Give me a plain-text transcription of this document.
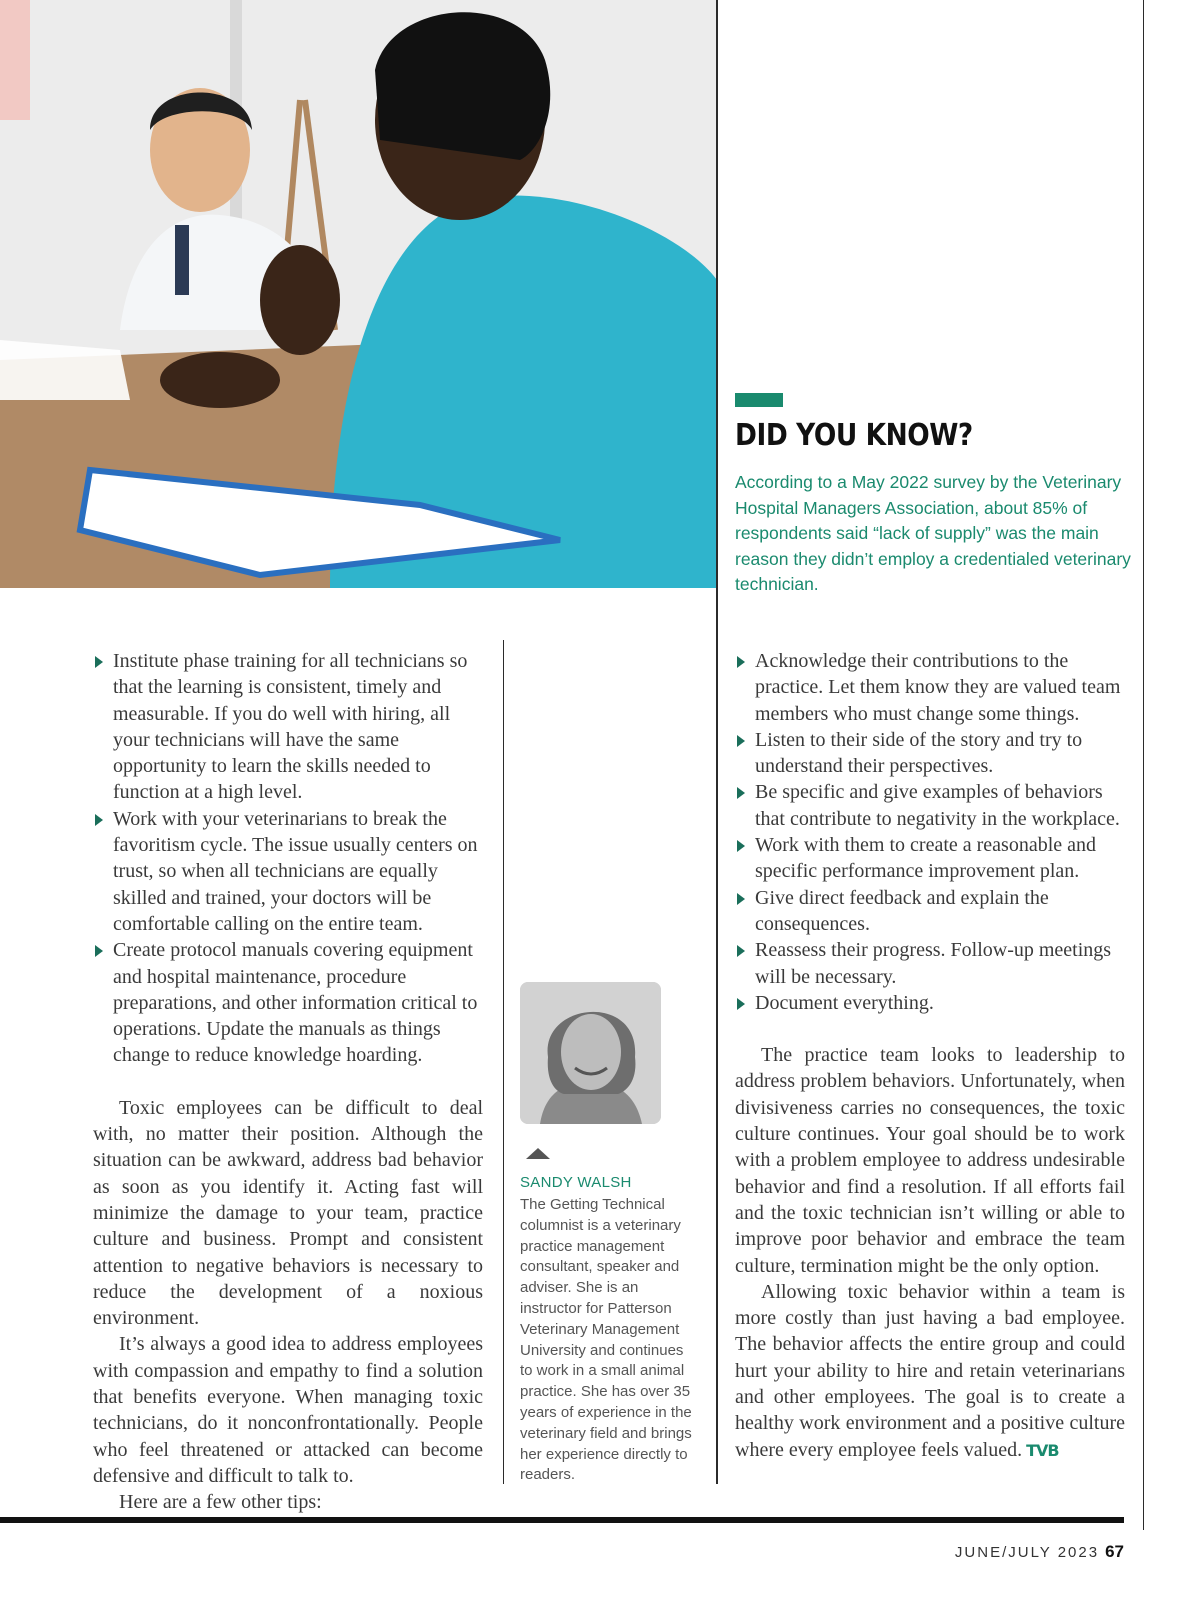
DID YOU KNOW?

According to a May 2022 survey by the Veterinary Hospital Managers Association, about 85% of respondents said “lack of supply” was the main reason they didn’t employ a credentialed veterinary technician.

Institute phase training for all technicians so that the learning is consistent, timely and measurable. If you do well with hiring, all your technicians will have the same opportunity to learn the skills needed to function at a high level.
Work with your veterinarians to break the favoritism cycle. The issue usually centers on trust, so when all technicians are equally skilled and trained, your doctors will be comfortable calling on the entire team.
Create protocol manuals covering equipment and hospital maintenance, procedure preparations, and other information critical to operations. Update the manuals as things change to reduce knowledge hoarding.

Toxic employees can be difficult to deal with, no matter their position. Although the situation can be awkward, address bad behavior as soon as you identify it. Acting fast will minimize the damage to your team, practice culture and business. Prompt and consistent attention to negative behaviors is necessary to reduce the development of a noxious environment.

It’s always a good idea to address employees with compassion and empathy to find a solution that benefits everyone. When managing toxic technicians, do it nonconfrontationally. People who feel threatened or attacked can become defensive and difficult to talk to.

Here are a few other tips:

SANDY WALSH

The Getting Technical columnist is a veterinary practice management consultant, speaker and adviser. She is an instructor for Patterson Veterinary Management University and continues to work in a small animal practice. She has over 35 years of experience in the veterinary field and brings her experience directly to readers.

Acknowledge their contributions to the practice. Let them know they are valued team members who must change some things.
Listen to their side of the story and try to understand their perspectives.
Be specific and give examples of behaviors that contribute to negativity in the workplace.
Work with them to create a reasonable and specific performance improvement plan.
Give direct feedback and explain the consequences.
Reassess their progress. Follow-up meetings will be necessary.
Document everything.

The practice team looks to leadership to address problem behaviors. Unfortunately, when divisiveness carries no consequences, the toxic culture continues. Your goal should be to work with a problem employee to address undesirable behavior and find a resolution. If all efforts fail and the toxic technician isn’t willing or able to improve poor behavior and embrace the team culture, termination might be the only option.

Allowing toxic behavior within a team is more costly than just having a bad employee. The behavior affects the entire group and could hurt your ability to hire and retain veterinarians and other employees. The goal is to create a healthy work environment and a positive culture where every employee feels valued. TVB

JUNE/JULY 2023 67
